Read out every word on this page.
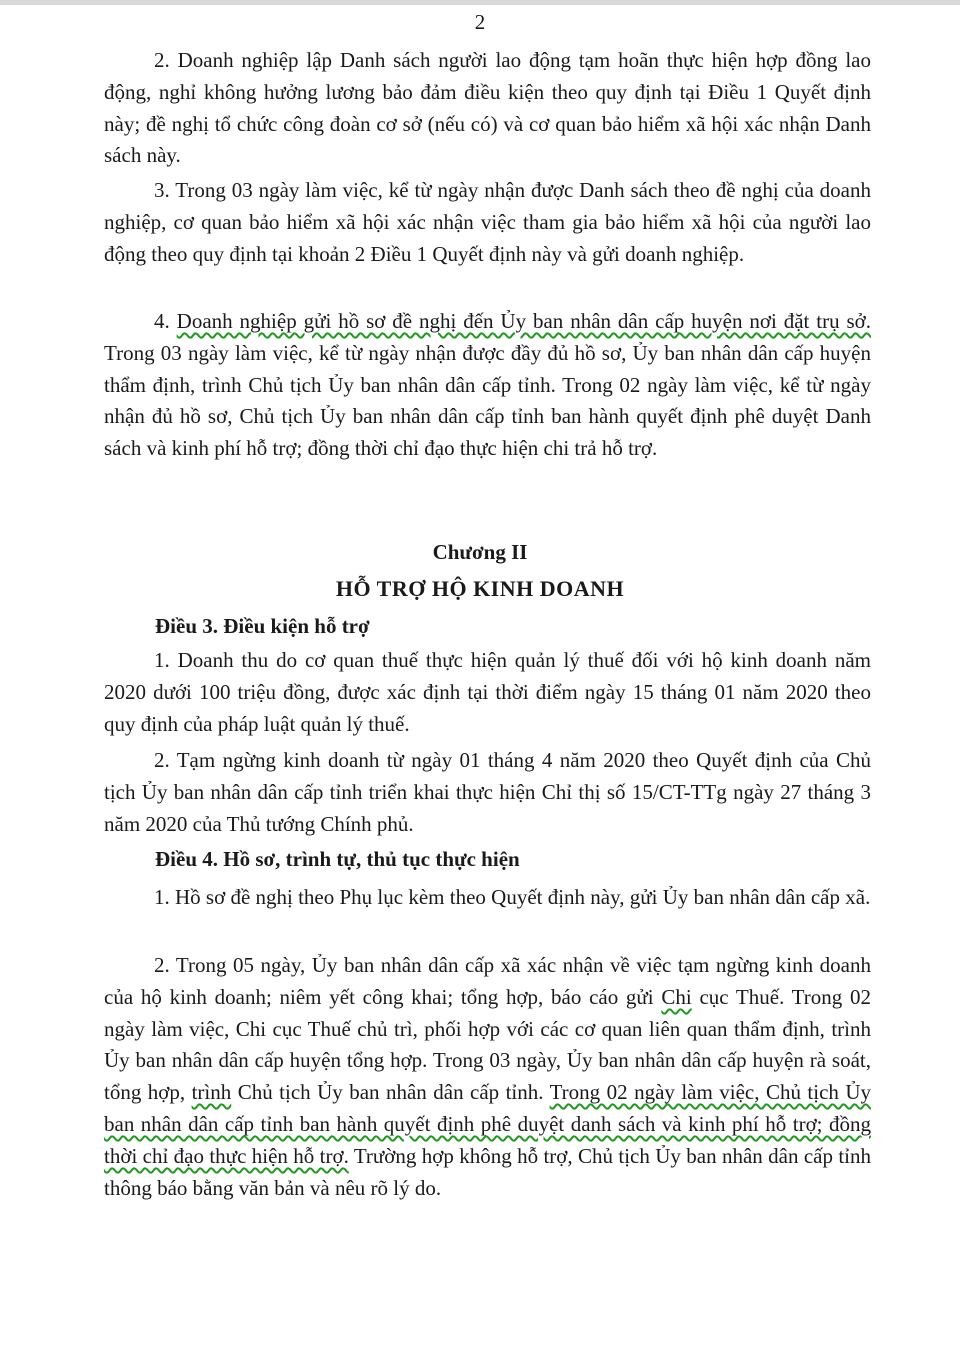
2

2. Doanh nghiệp lập Danh sách người lao động tạm hoãn thực hiện hợp đồng lao động, nghỉ không hưởng lương bảo đảm điều kiện theo quy định tại Điều 1 Quyết định này; đề nghị tổ chức công đoàn cơ sở (nếu có) và cơ quan bảo hiểm xã hội xác nhận Danh sách này.

3. Trong 03 ngày làm việc, kể từ ngày nhận được Danh sách theo đề nghị của doanh nghiệp, cơ quan bảo hiểm xã hội xác nhận việc tham gia bảo hiểm xã hội của người lao động theo quy định tại khoản 2 Điều 1 Quyết định này và gửi doanh nghiệp.

4. Doanh nghiệp gửi hồ sơ đề nghị đến Ủy ban nhân dân cấp huyện nơi đặt trụ sở. Trong 03 ngày làm việc, kể từ ngày nhận được đầy đủ hồ sơ, Ủy ban nhân dân cấp huyện thẩm định, trình Chủ tịch Ủy ban nhân dân cấp tỉnh. Trong 02 ngày làm việc, kể từ ngày nhận đủ hồ sơ, Chủ tịch Ủy ban nhân dân cấp tỉnh ban hành quyết định phê duyệt Danh sách và kinh phí hỗ trợ; đồng thời chỉ đạo thực hiện chi trả hỗ trợ.

Chương II
HỖ TRỢ HỘ KINH DOANH
Điều 3. Điều kiện hỗ trợ

1. Doanh thu do cơ quan thuế thực hiện quản lý thuế đối với hộ kinh doanh năm 2020 dưới 100 triệu đồng, được xác định tại thời điểm ngày 15 tháng 01 năm 2020 theo quy định của pháp luật quản lý thuế.

2. Tạm ngừng kinh doanh từ ngày 01 tháng 4 năm 2020 theo Quyết định của Chủ tịch Ủy ban nhân dân cấp tỉnh triển khai thực hiện Chỉ thị số 15/CT-TTg ngày 27 tháng 3 năm 2020 của Thủ tướng Chính phủ.

Điều 4. Hồ sơ, trình tự, thủ tục thực hiện

1. Hồ sơ đề nghị theo Phụ lục kèm theo Quyết định này, gửi Ủy ban nhân dân cấp xã.

2. Trong 05 ngày, Ủy ban nhân dân cấp xã xác nhận về việc tạm ngừng kinh doanh của hộ kinh doanh; niêm yết công khai; tổng hợp, báo cáo gửi Chi cục Thuế. Trong 02 ngày làm việc, Chi cục Thuế chủ trì, phối hợp với các cơ quan liên quan thẩm định, trình Ủy ban nhân dân cấp huyện tổng hợp. Trong 03 ngày, Ủy ban nhân dân cấp huyện rà soát, tổng hợp, trình Chủ tịch Ủy ban nhân dân cấp tỉnh. Trong 02 ngày làm việc, Chủ tịch Ủy ban nhân dân cấp tỉnh ban hành quyết định phê duyệt danh sách và kinh phí hỗ trợ; đồng thời chỉ đạo thực hiện hỗ trợ. Trường hợp không hỗ trợ, Chủ tịch Ủy ban nhân dân cấp tỉnh thông báo bằng văn bản và nêu rõ lý do.
